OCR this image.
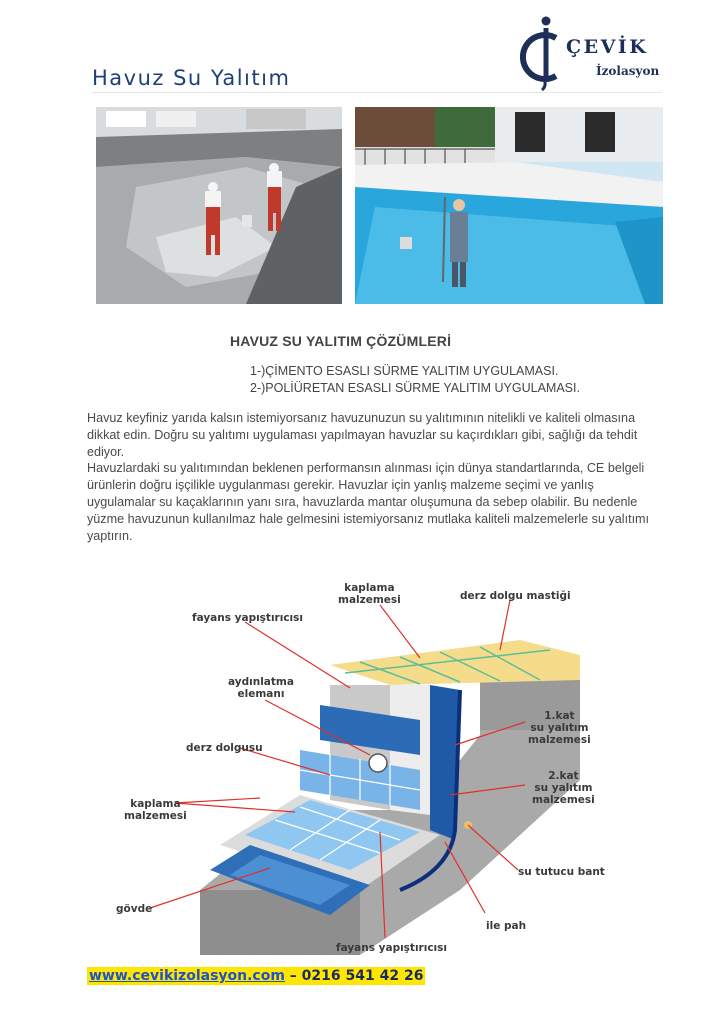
Havuz Su Yalıtım
ÇEVİK
İzolasyon
HAVUZ SU YALITIM ÇÖZÜMLERİ
1-)ÇİMENTO ESASLI SÜRME YALITIM UYGULAMASI.
2-)POLİÜRETAN ESASLI SÜRME YALITIM UYGULAMASI.
Havuz keyfiniz yarıda kalsın istemiyorsanız havuzunuzun su yalıtımının nitelikli ve kaliteli olmasına dikkat edin. Doğru su yalıtımı uygulaması yapılmayan havuzlar su kaçırdıkları gibi, sağlığı da tehdit ediyor.
Havuzlardaki su yalıtımından beklenen performansın alınması için dünya standartlarında, CE belgeli ürünlerin doğru işçilikle uygulanması gerekir. Havuzlar için yanlış malzeme seçimi ve yanlış uygulamalar su kaçaklarının yanı sıra, havuzlarda mantar oluşumuna da sebep olabilir. Bu nedenle yüzme havuzunun kullanılmaz hale gelmesini istemiyorsanız mutlaka kaliteli malzemelerle su yalıtımı yaptırın.
kaplama
malzemesi	derz dolgu mastiği
fayans yapıştırıcısı
aydınlatma
elemanı
1.kat
su yalıtım
malzemesi
derz dolgusu
2.kat
su yalıtım
malzemesi
kaplama
malzemesi
su tutucu bant
gövde
ile pah
fayans yapıştırıcısı
www.cevikizolasyon.com – 0216 541 42 26
